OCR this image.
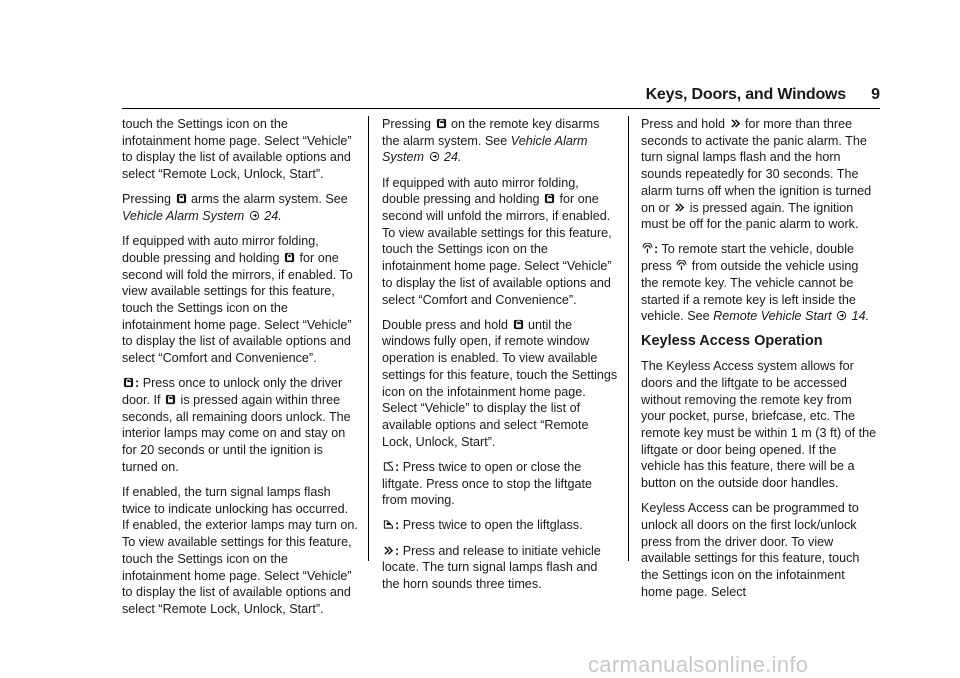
Keys, Doors, and Windows 9

touch the Settings icon on the infotainment home page. Select “Vehicle” to display the list of available options and select “Remote Lock, Unlock, Start”.

Pressing arms the alarm system. See Vehicle Alarm System 24.

If equipped with auto mirror folding, double pressing and holding for one second will fold the mirrors, if enabled. To view available settings for this feature, touch the Settings icon on the infotainment home page. Select “Vehicle” to display the list of available options and select “Comfort and Convenience”.

: Press once to unlock only the driver door. If is pressed again within three seconds, all remaining doors unlock. The interior lamps may come on and stay on for 20 seconds or until the ignition is turned on.

If enabled, the turn signal lamps flash twice to indicate unlocking has occurred.

If enabled, the exterior lamps may turn on. To view available settings for this feature, touch the Settings icon on the infotainment home page. Select “Vehicle” to display the list of available options and select “Remote Lock, Unlock, Start”.

Pressing on the remote key disarms the alarm system. See Vehicle Alarm System 24.

If equipped with auto mirror folding, double pressing and holding for one second will unfold the mirrors, if enabled. To view available settings for this feature, touch the Settings icon on the infotainment home page. Select “Vehicle” to display the list of available options and select “Comfort and Convenience”.

Double press and hold until the windows fully open, if remote window operation is enabled. To view available settings for this feature, touch the Settings icon on the infotainment home page. Select “Vehicle” to display the list of available options and select “Remote Lock, Unlock, Start”.

: Press twice to open or close the liftgate. Press once to stop the liftgate from moving.

: Press twice to open the liftglass.

: Press and release to initiate vehicle locate. The turn signal lamps flash and the horn sounds three times.

Press and hold for more than three seconds to activate the panic alarm. The turn signal lamps flash and the horn sounds repeatedly for 30 seconds. The alarm turns off when the ignition is turned on or is pressed again. The ignition must be off for the panic alarm to work.

: To remote start the vehicle, double press from outside the vehicle using the remote key. The vehicle cannot be started if a remote key is left inside the vehicle. See Remote Vehicle Start 14.

Keyless Access Operation

The Keyless Access system allows for doors and the liftgate to be accessed without removing the remote key from your pocket, purse, briefcase, etc. The remote key must be within 1 m (3 ft) of the liftgate or door being opened. If the vehicle has this feature, there will be a button on the outside door handles.

Keyless Access can be programmed to unlock all doors on the first lock/unlock press from the driver door. To view available settings for this feature, touch the Settings icon on the infotainment home page. Select

carmanualsonline.info
